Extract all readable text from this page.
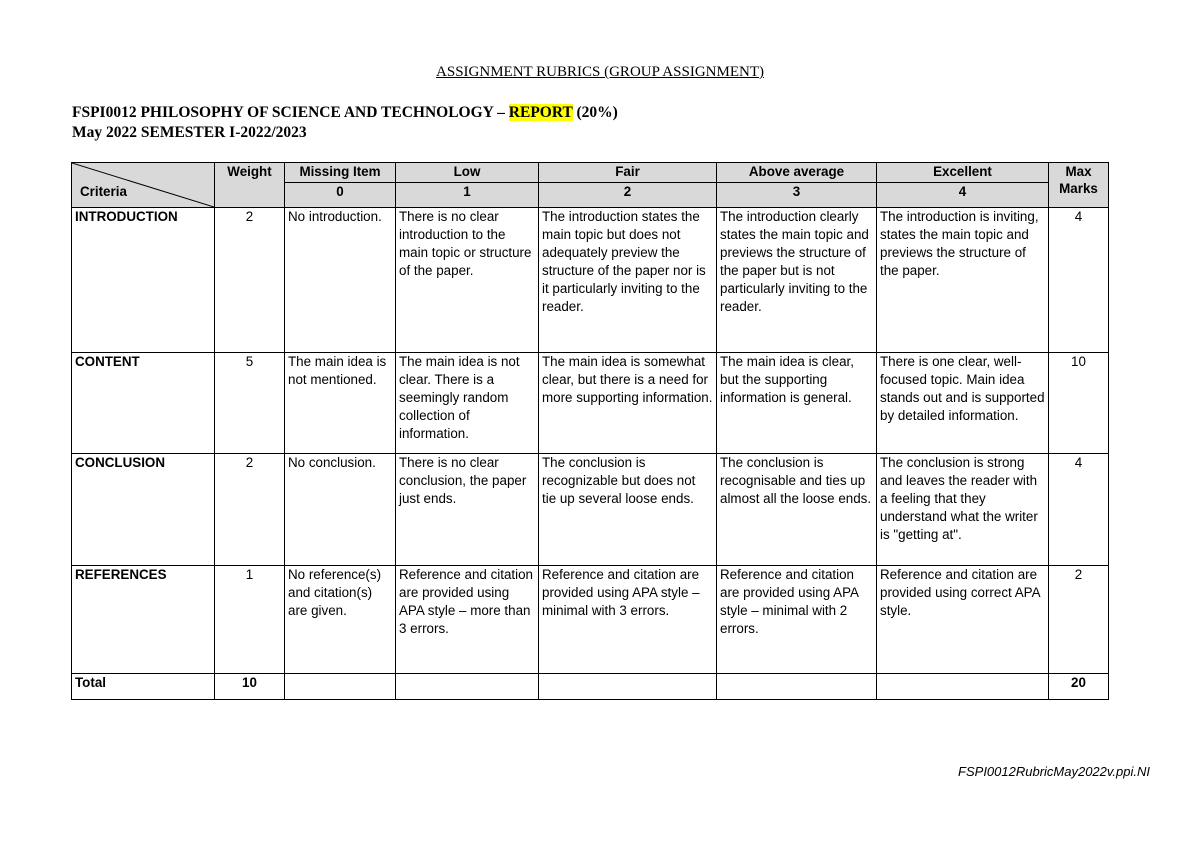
ASSIGNMENT RUBRICS (GROUP ASSIGNMENT)
FSPI0012 PHILOSOPHY OF SCIENCE AND TECHNOLOGY – REPORT (20%)
May 2022 SEMESTER I-2022/2023
Criteria	Weight	Missing Item	Low	Fair	Above average	Excellent	Max Marks
		0	1	2	3	4	
INTRODUCTION	2	No introduction.	There is no clear introduction to the main topic or structure of the paper.	The introduction states the main topic but does not adequately preview the structure of the paper nor is it particularly inviting to the reader.	The introduction clearly states the main topic and previews the structure of the paper but is not particularly inviting to the reader.	The introduction is inviting, states the main topic and previews the structure of the paper.	4
CONTENT	5	The main idea is not mentioned.	The main idea is not clear. There is a seemingly random collection of information.	The main idea is somewhat clear, but there is a need for more supporting information.	The main idea is clear, but the supporting information is general.	There is one clear, well-focused topic. Main idea stands out and is supported by detailed information.	10
CONCLUSION	2	No conclusion.	There is no clear conclusion, the paper just ends.	The conclusion is recognizable but does not tie up several loose ends.	The conclusion is recognisable and ties up almost all the loose ends.	The conclusion is strong and leaves the reader with a feeling that they understand what the writer is "getting at".	4
REFERENCES	1	No reference(s) and citation(s) are given.	Reference and citation are provided using APA style – more than 3 errors.	Reference and citation are provided using APA style – minimal with 3 errors.	Reference and citation are provided using APA style – minimal with 2 errors.	Reference and citation are provided using correct APA style.	2
Total	10						20
FSPI0012RubricMay2022v.ppi.NI
